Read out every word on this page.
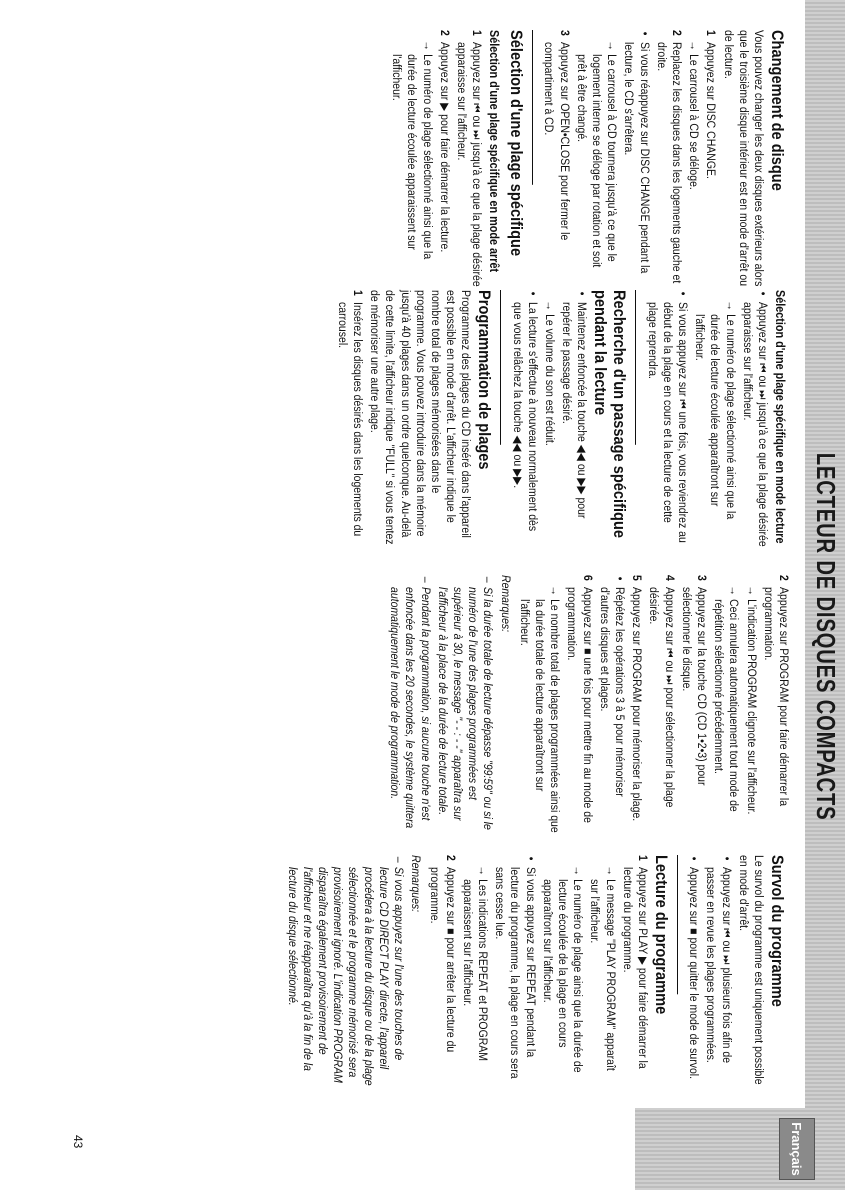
LECTEUR DE DISQUES COMPACTS
Français
43
Changement de disque

Vous pouvez changer les deux disques extérieurs alors que le troisième disque intérieur est en mode d'arrêt ou de lecture.

1
Appuyez sur DISC CHANGE.
→ Le carrousel à CD se déloge.
2
Replacez les disques dans les logements gauche et droite.
• Si vous réappuyez sur DISC CHANGE pendant la lecture, le CD s'arrêtera.
→ Le carrousel à CD tournera jusqu'à ce que le logement interne se déloge par rotation et soit prêt à être changé.
3
Appuyez sur OPEN•CLOSE pour fermer le compartiment à CD.
Sélection d'une plage spécifique
Sélection d'une plage spécifique en mode arrêt
1
Appuyez sur ⏮ ou ⏭ jusqu'à ce que la plage désirée apparaisse sur l'afficheur.
2
Appuyez sur ▶ pour faire démarrer la lecture.
→ Le numéro de plage sélectionné ainsi que la durée de lecture écoulée apparaissent sur l'afficheur.
Sélection d'une plage spécifique en mode lecture
• Appuyez sur ⏮ ou ⏭ jusqu'à ce que la plage désirée apparaisse sur l'afficheur.
→ Le numéro de plage sélectionné ainsi que la durée de lecture écoulée apparaîtront sur l'afficheur.
• Si vous appuyez sur ⏮ une fois, vous reviendrez au début de la plage en cours et la lecture de cette plage reprendra.
Recherche d'un passage spécifique pendant la lecture
• Maintenez enfoncée la touche ◀◀ ou ▶▶ pour repérer le passage désiré.
→ Le volume du son est réduit.
• La lecture s'effectue à nouveau normalement dès que vous relâchez la touche ◀◀ ou ▶▶.
Programmation de plages

Programmez des plages du CD inséré dans l'appareil est possible en mode d'arrêt. L'afficheur indique le nombre total de plages mémorisées dans le programme. Vous pouvez introduire dans la mémoire jusqu'à 40 plages dans un ordre quelconque. Au-delà de cette limite, l'afficheur indique "FULL" si vous tentez de mémoriser une autre plage.

1
Insérez les disques désirés dans les logements du carrousel.
2
Appuyez sur PROGRAM pour faire démarrer la programmation.
→ L'indication PROGRAM clignote sur l'afficheur.
→ Ceci annulera automatiquement tout mode de répétition sélectionné précédemment.
3
Appuyez sur la touche CD (CD 1•2•3) pour sélectionner le disque.
4
Appuyez sur ⏮ ou ⏭ pour sélectionner la plage désirée.
5
Appuyez sur PROGRAM pour mémoriser la plage.
• Répétez les opérations 3 à 5 pour mémoriser d'autres disques et plages.
6
Appuyez sur ■ une fois pour mettre fin au mode de programmation.
→ Le nombre total de plages programmées ainsi que la durée totale de lecture apparaîtront sur l'afficheur.

Remarques:

– Si la durée totale de lecture dépasse "99:59" ou si le numéro de l'une des plages programmées est supérieur à 30, le message "- - : - -" apparaîtra sur l'afficheur à la place de la durée de lecture totale.
– Pendant la programmation, si aucune touche n'est enfoncée dans les 20 secondes, le système quittera automatiquement le mode de programmation.
Survol du programme

Le survol du programme est uniquement possible en mode d'arrêt.

• Appuyez sur ⏮ ou ⏭ plusieurs fois afin de passer en revue les plages programmées.
• Appuyez sur ■ pour quitter le mode de survol.
Lecture du programme
1
Appuyez sur PLAY ▶ pour faire démarrer la lecture du programme.
→ Le message "PLAY PROGRAM" apparaît sur l'afficheur.
→ Le numéro de plage ainsi que la durée de lecture écoulée de la plage en cours apparaîtront sur l'afficheur.
• Si vous appuyez sur REPEAT pendant la lecture du programme, la plage en cours sera sans cesse lue.
→ Les indications REPEAT et PROGRAM apparaissent sur l'afficheur.
2
Appuyez sur ■ pour arrêter la lecture du programme.

Remarques:

– Si vous appuyez sur l'une des touches de lecture CD DIRECT PLAY directe, l'appareil procédera à la lecture du disque ou de la plage sélectionnée et le programme mémorisé sera provisoirement ignoré. L'indication PROGRAM disparaîtra également provisoirement de l'afficheur et ne réapparaîtra qu'à la fin de la lecture du disque sélectionné.
